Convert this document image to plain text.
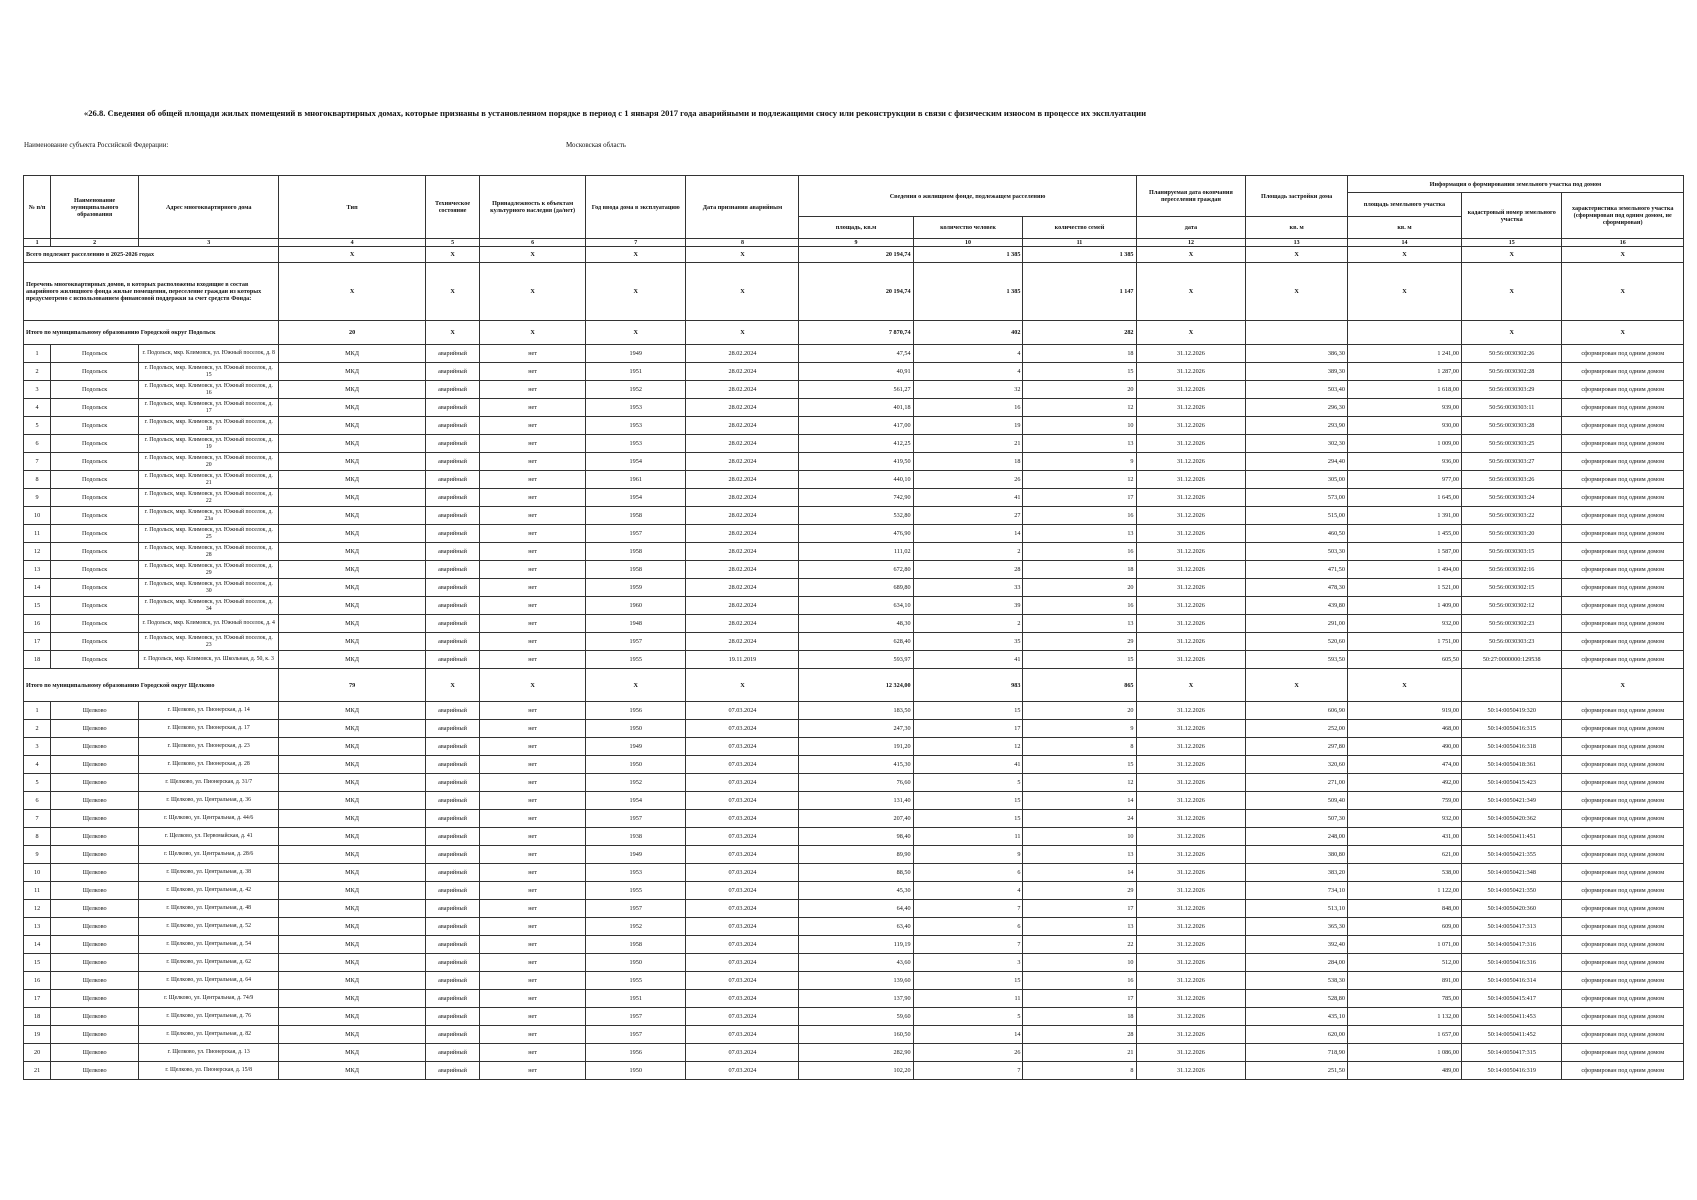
«26.8. Сведения об общей площади жилых помещений в многоквартирных домах, которые признаны в установленном порядке в период с 1 января 2017 года аварийными и подлежащими сносу или реконструкции в связи с физическим износом в процессе их эксплуатации
Наименование субъекта Российской Федерации:	Московская область
№ п/п	Наименование муниципального образования	Адрес многоквартирного дома	Тип	Техническое состояние	Принадлежность к объектам культурного наследия (да/нет)	Год ввода дома в эксплуатацию	Дата признания аварийным	Сведения о жилищном фонде, подлежащем расселению			Планируемая дата окончания переселения граждан	Площадь застройки дома	Информация о формировании земельного участка под домом		
													площадь земельного участка	кадастровый номер земельного участка	характеристика земельного участка (сформирован под одним домом, не сформирован)
								площадь, кв.м	количество человек	количество семей	дата	кв. м	кв. м		
1	2	3	4	5	6	7	8	9	10	11	12	13	14	15	16
Всего подлежит расселению в 2025-2026 годах			X	X	X	X	X	20 194,74	1 385	1 385	X	X	X	X	X
Перечень многоквартирных домов, в которых расположены входящие в состав аварийного жилищного фонда жилые помещения, переселение граждан из которых предусмотрено с использованием финансовой поддержки за счет средств Фонда:			X	X	X	X	X	20 194,74	1 385	1 147	X	X	X	X	X
Итого по муниципальному образованию Городской округ Подольск			20	X	X	X	X	7 870,74	402	282	X			X	X
1	Подольск	г. Подольск, мкр. Климовск, ул. Южный поселок, д. 8	МКД	аварийный	нет	1949	28.02.2024	47,54	4	18	31.12.2026	386,30	1 241,00	50:56:0030302:26	сформирован под одним домом
2	Подольск	г. Подольск, мкр. Климовск, ул. Южный поселок, д. 15	МКД	аварийный	нет	1951	28.02.2024	40,91	4	15	31.12.2026	389,30	1 287,00	50:56:0030302:28	сформирован под одним домом
3	Подольск	г. Подольск, мкр. Климовск, ул. Южный поселок, д. 16	МКД	аварийный	нет	1952	28.02.2024	561,27	32	20	31.12.2026	503,40	1 618,00	50:56:0030303:29	сформирован под одним домом
4	Подольск	г. Подольск, мкр. Климовск, ул. Южный поселок, д. 17	МКД	аварийный	нет	1953	28.02.2024	401,18	16	12	31.12.2026	296,30	939,00	50:56:0030303:11	сформирован под одним домом
5	Подольск	г. Подольск, мкр. Климовск, ул. Южный поселок, д. 18	МКД	аварийный	нет	1953	28.02.2024	417,00	19	10	31.12.2026	293,90	930,00	50:56:0030303:28	сформирован под одним домом
6	Подольск	г. Подольск, мкр. Климовск, ул. Южный поселок, д. 19	МКД	аварийный	нет	1953	28.02.2024	412,25	21	13	31.12.2026	302,30	1 009,00	50:56:0030303:25	сформирован под одним домом
7	Подольск	г. Подольск, мкр. Климовск, ул. Южный поселок, д. 20	МКД	аварийный	нет	1954	28.02.2024	419,50	18	9	31.12.2026	294,40	936,00	50:56:0030303:27	сформирован под одним домом
8	Подольск	г. Подольск, мкр. Климовск, ул. Южный поселок, д. 21	МКД	аварийный	нет	1961	28.02.2024	440,10	26	12	31.12.2026	305,00	977,00	50:56:0030303:26	сформирован под одним домом
9	Подольск	г. Подольск, мкр. Климовск, ул. Южный поселок, д. 22	МКД	аварийный	нет	1954	28.02.2024	742,90	41	17	31.12.2026	573,00	1 645,00	50:56:0030303:24	сформирован под одним домом
10	Подольск	г. Подольск, мкр. Климовск, ул. Южный поселок, д. 23а	МКД	аварийный	нет	1958	28.02.2024	532,80	27	16	31.12.2026	515,00	1 391,00	50:56:0030303:22	сформирован под одним домом
11	Подольск	г. Подольск, мкр. Климовск, ул. Южный поселок, д. 25	МКД	аварийный	нет	1957	28.02.2024	476,90	14	13	31.12.2026	460,50	1 455,00	50:56:0030303:20	сформирован под одним домом
12	Подольск	г. Подольск, мкр. Климовск, ул. Южный поселок, д. 28	МКД	аварийный	нет	1958	28.02.2024	111,02	2	16	31.12.2026	503,30	1 587,00	50:56:0030303:15	сформирован под одним домом
13	Подольск	г. Подольск, мкр. Климовск, ул. Южный поселок, д. 29	МКД	аварийный	нет	1958	28.02.2024	672,80	28	18	31.12.2026	471,50	1 494,00	50:56:0030302:16	сформирован под одним домом
14	Подольск	г. Подольск, мкр. Климовск, ул. Южный поселок, д. 30	МКД	аварийный	нет	1959	28.02.2024	689,80	33	20	31.12.2026	478,30	1 521,00	50:56:0030302:15	сформирован под одним домом
15	Подольск	г. Подольск, мкр. Климовск, ул. Южный поселок, д. 34	МКД	аварийный	нет	1960	28.02.2024	634,10	39	16	31.12.2026	439,80	1 409,00	50:56:0030302:12	сформирован под одним домом
16	Подольск	г. Подольск, мкр. Климовск, ул. Южный поселок, д. 4	МКД	аварийный	нет	1948	28.02.2024	48,30	2	13	31.12.2026	291,00	932,00	50:56:0030302:23	сформирован под одним домом
17	Подольск	г. Подольск, мкр. Климовск, ул. Южный поселок, д. 23	МКД	аварийный	нет	1957	28.02.2024	628,40	35	29	31.12.2026	520,60	1 751,00	50:56:0030303:23	сформирован под одним домом
18	Подольск	г. Подольск, мкр. Климовск, ул. Школьная, д. 50, к. 3	МКД	аварийный	нет	1955	19.11.2019	593,97	41	15	31.12.2026	593,50	605,50	50:27:0000000:129538	сформирован под одним домом
Итого по муниципальному образованию Городской округ Щелково			79	X	X	X	X	12 324,00	983	865	X	X	X		X
1	Щелково	г. Щелково, ул. Пионерская, д. 14	МКД	аварийный	нет	1956	07.03.2024	183,50	15	20	31.12.2026	606,90	919,00	50:14:0050419:320	сформирован под одним домом
2	Щелково	г. Щелково, ул. Пионерская, д. 17	МКД	аварийный	нет	1950	07.03.2024	247,30	17	9	31.12.2026	252,00	468,00	50:14:0050416:315	сформирован под одним домом
3	Щелково	г. Щелково, ул. Пионерская, д. 23	МКД	аварийный	нет	1949	07.03.2024	191,20	12	8	31.12.2026	297,80	490,00	50:14:0050416:318	сформирован под одним домом
4	Щелково	г. Щелково, ул. Пионерская, д. 28	МКД	аварийный	нет	1950	07.03.2024	415,30	41	15	31.12.2026	320,60	474,00	50:14:0050418:361	сформирован под одним домом
5	Щелково	г. Щелково, ул. Пионерская, д. 31/7	МКД	аварийный	нет	1952	07.03.2024	76,60	5	12	31.12.2026	271,00	492,00	50:14:0050415:423	сформирован под одним домом
6	Щелково	г. Щелково, ул. Центральная, д. 36	МКД	аварийный	нет	1954	07.03.2024	131,40	15	14	31.12.2026	509,40	759,00	50:14:0050421:349	сформирован под одним домом
7	Щелково	г. Щелково, ул. Центральная, д. 44/6	МКД	аварийный	нет	1957	07.03.2024	207,40	15	24	31.12.2026	507,30	932,00	50:14:0050420:362	сформирован под одним домом
8	Щелково	г. Щелково, ул. Первомайская, д. 41	МКД	аварийный	нет	1938	07.03.2024	98,40	11	10	31.12.2026	248,00	431,00	50:14:0050411:451	сформирован под одним домом
9	Щелково	г. Щелково, ул. Центральная, д. 28/6	МКД	аварийный	нет	1949	07.03.2024	89,90	9	13	31.12.2026	380,80	621,00	50:14:0050421:355	сформирован под одним домом
10	Щелково	г. Щелково, ул. Центральная, д. 38	МКД	аварийный	нет	1953	07.03.2024	88,50	6	14	31.12.2026	383,20	538,00	50:14:0050421:348	сформирован под одним домом
11	Щелково	г. Щелково, ул. Центральная, д. 42	МКД	аварийный	нет	1955	07.03.2024	45,30	4	29	31.12.2026	734,10	1 122,00	50:14:0050421:350	сформирован под одним домом
12	Щелково	г. Щелково, ул. Центральная, д. 48	МКД	аварийный	нет	1957	07.03.2024	64,40	7	17	31.12.2026	513,10	848,00	50:14:0050420:360	сформирован под одним домом
13	Щелково	г. Щелково, ул. Центральная, д. 52	МКД	аварийный	нет	1952	07.03.2024	63,40	6	13	31.12.2026	365,30	609,00	50:14:0050417:313	сформирован под одним домом
14	Щелково	г. Щелково, ул. Центральная, д. 54	МКД	аварийный	нет	1958	07.03.2024	119,19	7	22	31.12.2026	392,40	1 071,00	50:14:0050417:316	сформирован под одним домом
15	Щелково	г. Щелково, ул. Центральная, д. 62	МКД	аварийный	нет	1950	07.03.2024	43,60	3	10	31.12.2026	284,00	512,00	50:14:0050416:316	сформирован под одним домом
16	Щелково	г. Щелково, ул. Центральная, д. 64	МКД	аварийный	нет	1955	07.03.2024	139,60	15	16	31.12.2026	538,30	891,00	50:14:0050416:314	сформирован под одним домом
17	Щелково	г. Щелково, ул. Центральная, д. 74/9	МКД	аварийный	нет	1951	07.03.2024	137,90	11	17	31.12.2026	528,80	785,00	50:14:0050415:417	сформирован под одним домом
18	Щелково	г. Щелково, ул. Центральная, д. 76	МКД	аварийный	нет	1957	07.03.2024	59,60	5	18	31.12.2026	435,10	1 132,00	50:14:0050411:453	сформирован под одним домом
19	Щелково	г. Щелково, ул. Центральная, д. 82	МКД	аварийный	нет	1957	07.03.2024	160,50	14	28	31.12.2026	620,00	1 657,00	50:14:0050411:452	сформирован под одним домом
20	Щелково	г. Щелково, ул. Пионерская, д. 13	МКД	аварийный	нет	1956	07.03.2024	282,90	26	21	31.12.2026	718,90	1 086,00	50:14:0050417:315	сформирован под одним домом
21	Щелково	г. Щелково, ул. Пионерская, д. 15/8	МКД	аварийный	нет	1950	07.03.2024	102,20	7	8	31.12.2026	251,50	489,00	50:14:0050416:319	сформирован под одним домом
